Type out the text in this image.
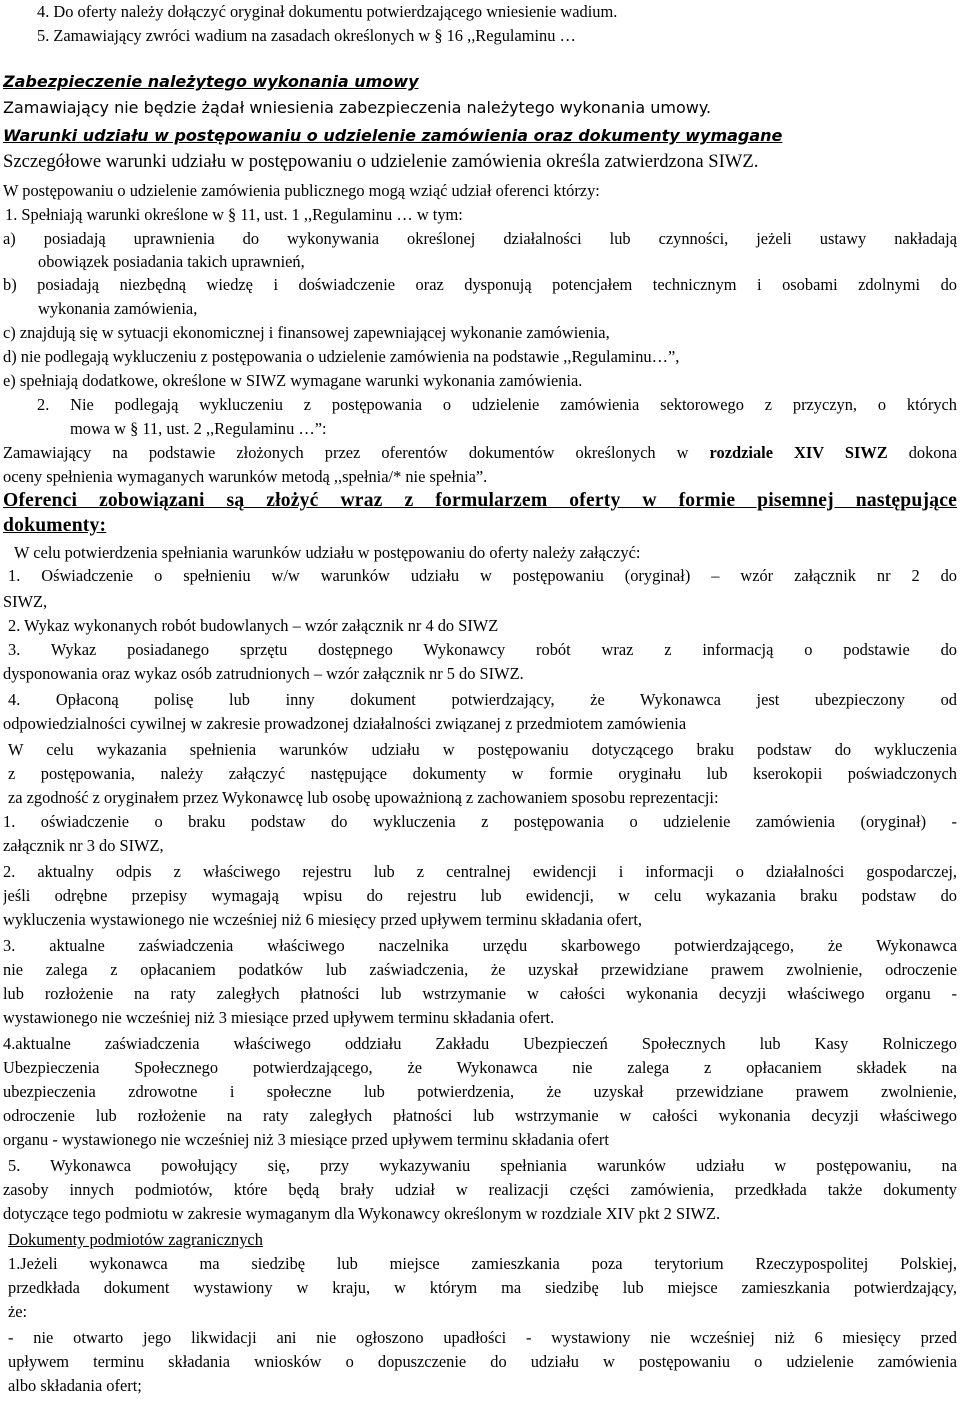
4. Do oferty należy dołączyć oryginał dokumentu potwierdzającego wniesienie wadium.
5. Zamawiający zwróci wadium na zasadach określonych w § 16 ,,Regulaminu …
Zabezpieczenie należytego wykonania umowy
Zamawiający nie będzie żądał wniesienia zabezpieczenia należytego wykonania umowy.
Warunki udziału w postępowaniu o udzielenie zamówienia oraz dokumenty wymagane
Szczegółowe warunki udziału w postępowaniu o udzielenie zamówienia określa zatwierdzona SIWZ.
W postępowaniu o udzielenie zamówienia publicznego mogą wziąć udział oferenci którzy:
1. Spełniają warunki określone w § 11, ust. 1 ,,Regulaminu … w tym:
a) posiadają uprawnienia do wykonywania określonej działalności lub czynności, jeżeli ustawy nakładają
obowiązek posiadania takich uprawnień,
b) posiadają niezbędną wiedzę i doświadczenie oraz dysponują potencjałem technicznym i osobami zdolnymi do
wykonania zamówienia,
c) znajdują się w sytuacji ekonomicznej i finansowej zapewniającej wykonanie zamówienia,
d) nie podlegają wykluczeniu z postępowania o udzielenie zamówienia na podstawie ,,Regulaminu…”,
e) spełniają dodatkowe, określone w SIWZ wymagane warunki wykonania zamówienia.
2. Nie podlegają wykluczeniu z postępowania o udzielenie zamówienia sektorowego z przyczyn, o których
mowa w § 11, ust. 2 ,,Regulaminu …”:
Zamawiający na podstawie złożonych przez oferentów dokumentów określonych w rozdziale XIV SIWZ dokona
oceny spełnienia wymaganych warunków metodą ,,spełnia/* nie spełnia”.
Oferenci zobowiązani są złożyć wraz z formularzem oferty w formie pisemnej następujące
dokumenty:
W celu potwierdzenia spełniania warunków udziału w postępowaniu do oferty należy załączyć:
1. Oświadczenie o spełnieniu w/w warunków udziału w postępowaniu (oryginał) – wzór załącznik nr 2 do
SIWZ,
2. Wykaz wykonanych robót budowlanych – wzór załącznik nr 4 do SIWZ
3. Wykaz posiadanego sprzętu dostępnego Wykonawcy robót wraz z informacją o podstawie do
dysponowania oraz wykaz osób zatrudnionych – wzór załącznik nr 5 do SIWZ.
4. Opłaconą polisę lub inny dokument potwierdzający, że Wykonawca jest ubezpieczony od
odpowiedzialności cywilnej w zakresie prowadzonej działalności związanej z przedmiotem zamówienia
W celu wykazania spełnienia warunków udziału w postępowaniu dotyczącego braku podstaw do wykluczenia
z postępowania, należy załączyć następujące dokumenty w formie oryginału lub kserokopii poświadczonych
za zgodność z oryginałem przez Wykonawcę lub osobę upoważnioną z zachowaniem sposobu reprezentacji:
1. oświadczenie o braku podstaw do wykluczenia z postępowania o udzielenie zamówienia (oryginał) -
załącznik nr 3 do SIWZ,
2. aktualny odpis z właściwego rejestru lub z centralnej ewidencji i informacji o działalności gospodarczej,
jeśli odrębne przepisy wymagają wpisu do rejestru lub ewidencji, w celu wykazania braku podstaw do
wykluczenia wystawionego nie wcześniej niż 6 miesięcy przed upływem terminu składania ofert,
3. aktualne zaświadczenia właściwego naczelnika urzędu skarbowego potwierdzającego, że Wykonawca
nie zalega z opłacaniem podatków lub zaświadczenia, że uzyskał przewidziane prawem zwolnienie, odroczenie
lub rozłożenie na raty zaległych płatności lub wstrzymanie w całości wykonania decyzji właściwego organu -
wystawionego nie wcześniej niż 3 miesiące przed upływem terminu składania ofert.
4.aktualne zaświadczenia właściwego oddziału Zakładu Ubezpieczeń Społecznych lub Kasy Rolniczego
Ubezpieczenia Społecznego potwierdzającego, że Wykonawca nie zalega z opłacaniem składek na
ubezpieczenia zdrowotne i społeczne lub potwierdzenia, że uzyskał przewidziane prawem zwolnienie,
odroczenie lub rozłożenie na raty zaległych płatności lub wstrzymanie w całości wykonania decyzji właściwego
organu - wystawionego nie wcześniej niż 3 miesiące przed upływem terminu składania ofert
5. Wykonawca powołujący się, przy wykazywaniu spełniania warunków udziału w postępowaniu, na
zasoby innych podmiotów, które będą brały udział w realizacji części zamówienia, przedkłada także dokumenty
dotyczące tego podmiotu w zakresie wymaganym dla Wykonawcy określonym w rozdziale XIV pkt 2 SIWZ.
Dokumenty podmiotów zagranicznych
1.Jeżeli wykonawca ma siedzibę lub miejsce zamieszkania poza terytorium Rzeczypospolitej Polskiej,
przedkłada dokument wystawiony w kraju, w którym ma siedzibę lub miejsce zamieszkania potwierdzający,
że:
- nie otwarto jego likwidacji ani nie ogłoszono upadłości - wystawiony nie wcześniej niż 6 miesięcy przed
upływem terminu składania wniosków o dopuszczenie do udziału w postępowaniu o udzielenie zamówienia
albo składania ofert;
